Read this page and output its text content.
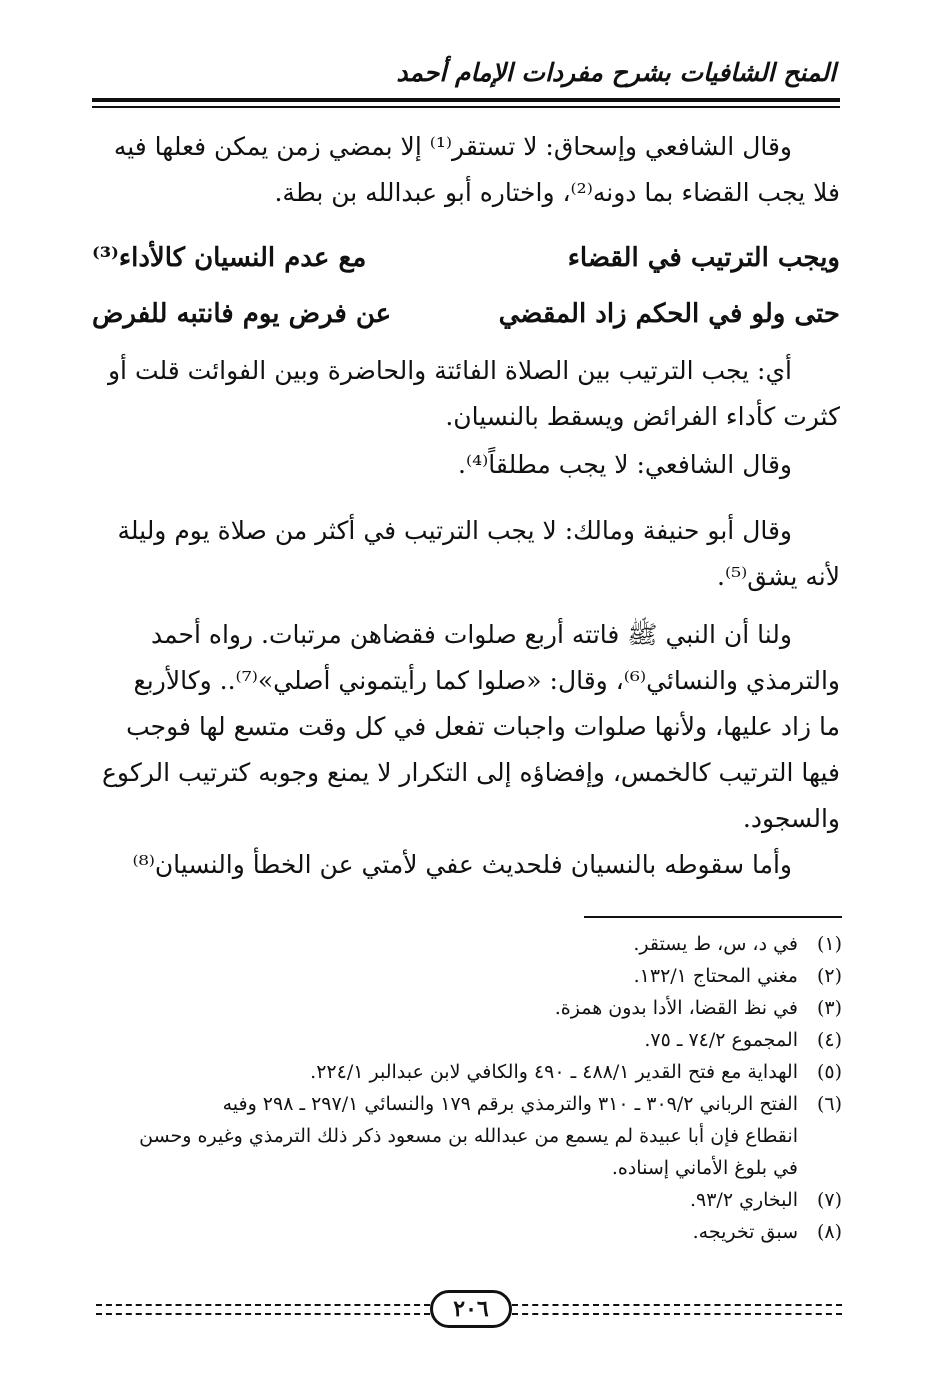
المنح الشافيات بشرح مفردات الإمام أحمد
وقال الشافعي وإسحاق: لا تستقر⁽¹⁾ إلا بمضي زمن يمكن فعلها فيه
فلا يجب القضاء بما دونه⁽²⁾، واختاره أبو عبدالله بن بطة.
ويجب الترتيب في القضاء
مع عدم النسيان كالأداء⁽³⁾
حتى ولو في الحكم زاد المقضي
عن فرض يوم فانتبه للفرض
أي: يجب الترتيب بين الصلاة الفائتة والحاضرة وبين الفوائت قلت أو
كثرت كأداء الفرائض ويسقط بالنسيان.
وقال الشافعي: لا يجب مطلقاً⁽⁴⁾.
وقال أبو حنيفة ومالك: لا يجب الترتيب في أكثر من صلاة يوم وليلة
لأنه يشق⁽⁵⁾.
ولنا أن النبي ﷺ فاتته أربع صلوات فقضاهن مرتبات. رواه أحمد
والترمذي والنسائي⁽⁶⁾، وقال: «صلوا كما رأيتموني أصلي»⁽⁷⁾.. وكالأربع
ما زاد عليها، ولأنها صلوات واجبات تفعل في كل وقت متسع لها فوجب
فيها الترتيب كالخمس، وإفضاؤه إلى التكرار لا يمنع وجوبه كترتيب الركوع
والسجود.
وأما سقوطه بالنسيان فلحديث عفي لأمتي عن الخطأ والنسيان⁽⁸⁾
(١)
في د، س، ط يستقر.
(٢)
مغني المحتاج ١٣٢/١.
(٣)
في نظ القضا، الأدا بدون همزة.
(٤)
المجموع ٧٤/٢ ـ ٧٥.
(٥)
الهداية مع فتح القدير ٤٨٨/١ ـ ٤٩٠ والكافي لابن عبدالبر ٢٢٤/١.
(٦)
الفتح الرباني ٣٠٩/٢ ـ ٣١٠ والترمذي برقم ١٧٩ والنسائي ٢٩٧/١ ـ ٢٩٨ وفيه
انقطاع فإن أبا عبيدة لم يسمع من عبدالله بن مسعود ذكر ذلك الترمذي وغيره وحسن
في بلوغ الأماني إسناده.
(٧)
البخاري ٩٣/٢.
(٨)
سبق تخريجه.
٢٠٦
